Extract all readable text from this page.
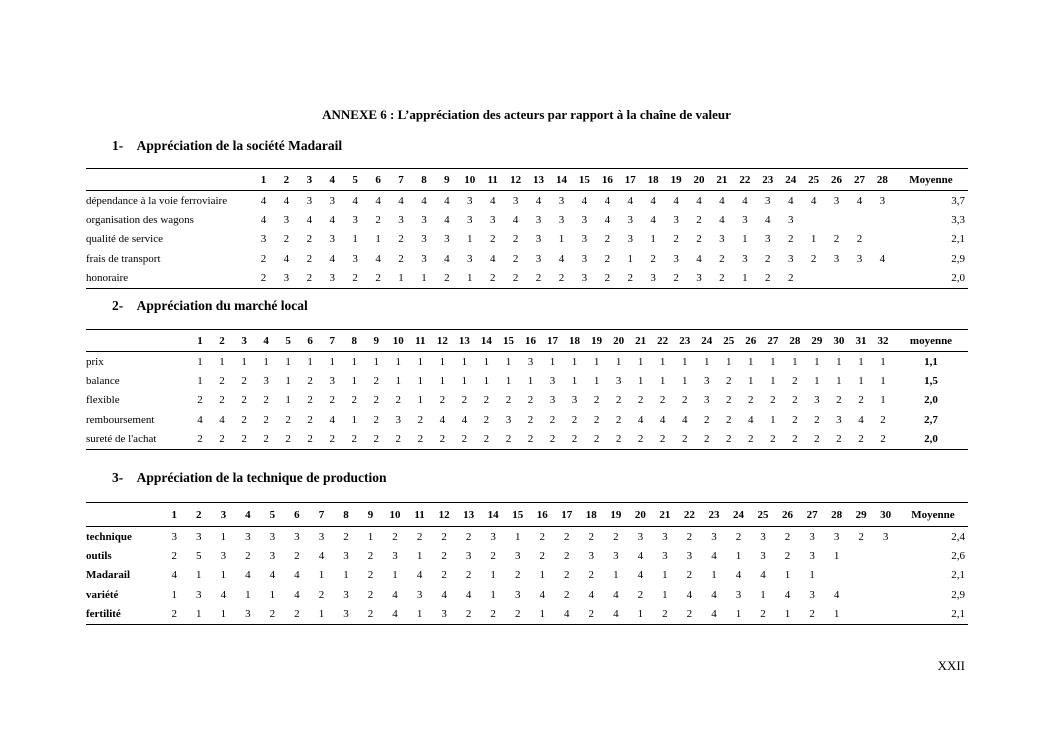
ANNEXE 6 : L’appréciation des acteurs par rapport à la chaîne de valeur
1- Appréciation de la société Madarail
	1	2	3	4	5	6	7	8	9	10	11	12	13	14	15	16	17	18	19	20	21	22	23	24	25	26	27	28	Moyenne
dépendance à la voie ferroviaire	4	4	3	3	4	4	4	4	4	3	4	3	4	3	4	4	4	4	4	4	4	4	3	4	4	3	4	3	3,7
organisation des wagons	4	3	4	4	3	2	3	3	4	3	3	4	3	3	3	4	3	4	3	2	4	3	4	3					3,3
qualité de service	3	2	2	3	1	1	2	3	3	1	2	2	3	1	3	2	3	1	2	2	3	1	3	2	1	2	2		2,1
frais de transport	2	4	2	4	3	4	2	3	4	3	4	2	3	4	3	2	1	2	3	4	2	3	2	3	2	3	3	4	2,9
honoraire	2	3	2	3	2	2	1	1	2	1	2	2	2	2	3	2	2	3	2	3	2	1	2	2					2,0
2- Appréciation du marché local
	1	2	3	4	5	6	7	8	9	10	11	12	13	14	15	16	17	18	19	20	21	22	23	24	25	26	27	28	29	30	31	32	moyenne
prix	1	1	1	1	1	1	1	1	1	1	1	1	1	1	1	3	1	1	1	1	1	1	1	1	1	1	1	1	1	1	1	1	1,1
balance	1	2	2	3	1	2	3	1	2	1	1	1	1	1	1	1	3	1	1	3	1	1	1	3	2	1	1	2	1	1	1	1	1,5
flexible	2	2	2	2	1	2	2	2	2	2	1	2	2	2	2	2	3	3	2	2	2	2	2	3	2	2	2	2	3	2	2	1	2,0
remboursement	4	4	2	2	2	2	4	1	2	3	2	4	4	2	3	2	2	2	2	2	4	4	4	2	2	4	1	2	2	3	4	2	2,7
sureté de l'achat	2	2	2	2	2	2	2	2	2	2	2	2	2	2	2	2	2	2	2	2	2	2	2	2	2	2	2	2	2	2	2	2	2,0
3- Appréciation de la technique de production
	1	2	3	4	5	6	7	8	9	10	11	12	13	14	15	16	17	18	19	20	21	22	23	24	25	26	27	28	29	30	Moyenne
technique	3	3	1	3	3	3	3	2	1	2	2	2	2	3	1	2	2	2	2	3	3	2	3	2	3	2	3	3	2	3	2,4
outils	2	5	3	2	3	2	4	3	2	3	1	2	3	2	3	2	2	3	3	4	3	3	4	1	3	2	3	1			2,6
Madarail	4	1	1	4	4	4	1	1	2	1	4	2	2	1	2	1	2	2	1	4	1	2	1	4	4	1	1				2,1
variété	1	3	4	1	1	4	2	3	2	4	3	4	4	1	3	4	2	4	4	2	1	4	4	3	1	4	3	4			2,9
fertilité	2	1	1	3	2	2	1	3	2	4	1	3	2	2	2	1	4	2	4	1	2	2	4	1	2	1	2	1			2,1
XXII
